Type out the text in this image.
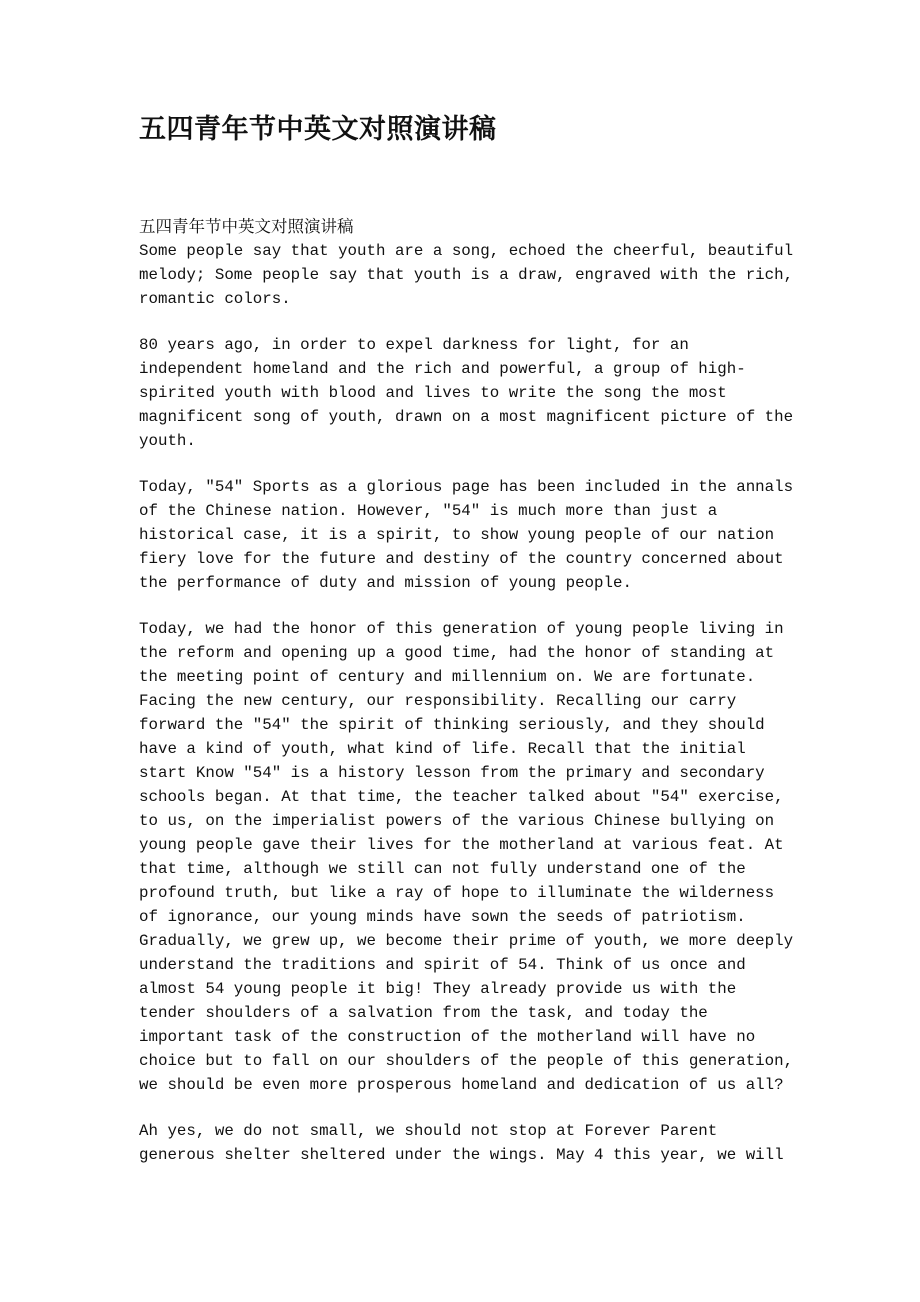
五四青年节中英文对照演讲稿
五四青年节中英文对照演讲稿
Some people say that youth are a song, echoed the cheerful, beautiful
melody; Some people say that youth is a draw, engraved with the rich,
romantic colors.
80 years ago, in order to expel darkness for light, for an
independent homeland and the rich and powerful, a group of high-
spirited youth with blood and lives to write the song the most
magnificent song of youth, drawn on a most magnificent picture of the
youth.
Today, "54" Sports as a glorious page has been included in the annals
of the Chinese nation. However, "54" is much more than just a
historical case, it is a spirit, to show young people of our nation
fiery love for the future and destiny of the country concerned about
the performance of duty and mission of young people.
Today, we had the honor of this generation of young people living in
the reform and opening up a good time, had the honor of standing at
the meeting point of century and millennium on. We are fortunate.
Facing the new century, our responsibility. Recalling our carry
forward the "54" the spirit of thinking seriously, and they should
have a kind of youth, what kind of life. Recall that the initial
start Know "54" is a history lesson from the primary and secondary
schools began. At that time, the teacher talked about "54" exercise,
to us, on the imperialist powers of the various Chinese bullying on
young people gave their lives for the motherland at various feat. At
that time, although we still can not fully understand one of the
profound truth, but like a ray of hope to illuminate the wilderness
of ignorance, our young minds have sown the seeds of patriotism.
Gradually, we grew up, we become their prime of youth, we more deeply
understand the traditions and spirit of 54. Think of us once and
almost 54 young people it big! They already provide us with the
tender shoulders of a salvation from the task, and today the
important task of the construction of the motherland will have no
choice but to fall on our shoulders of the people of this generation,
we should be even more prosperous homeland and dedication of us all?
Ah yes, we do not small, we should not stop at Forever Parent
generous shelter sheltered under the wings. May 4 this year, we will
